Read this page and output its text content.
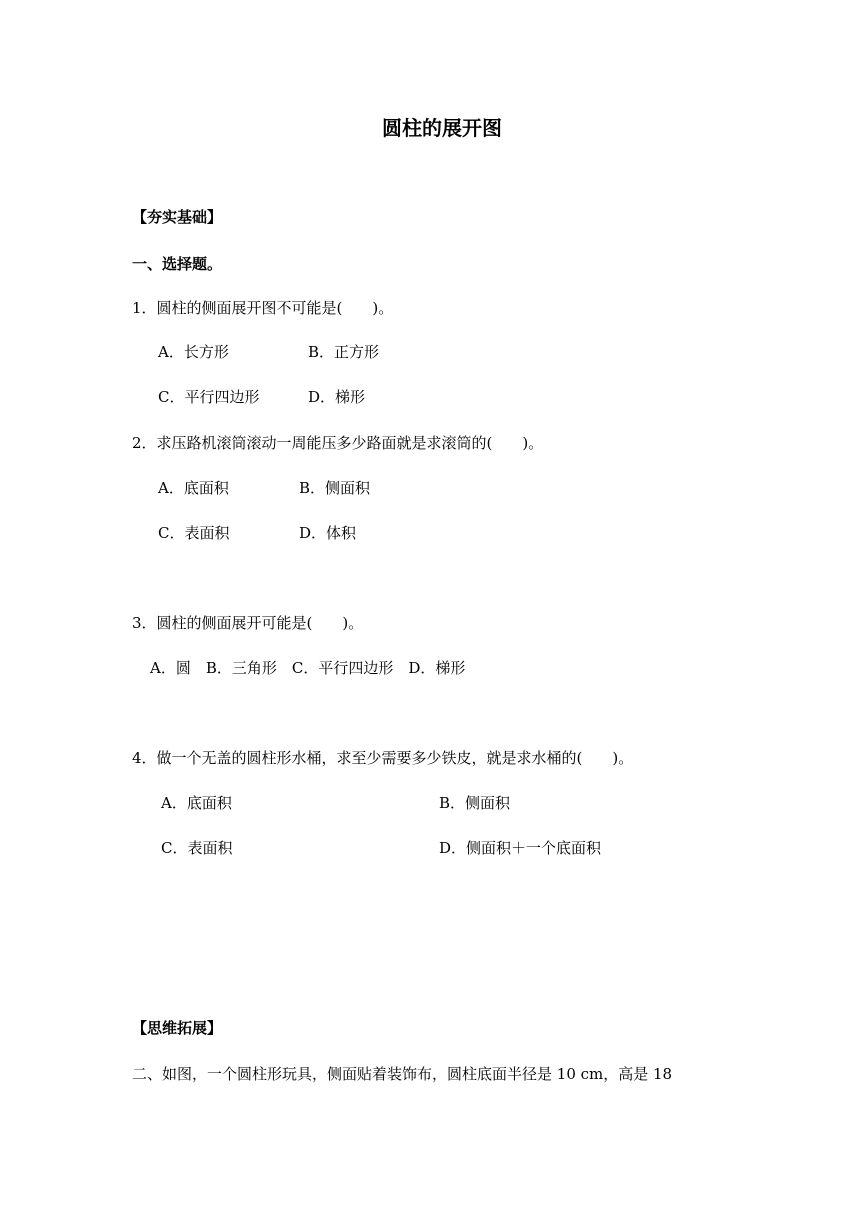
圆柱的展开图
【夯实基础】
一、选择题。
1．圆柱的侧面展开图不可能是(　　)。
A．长方形	B．正方形
C．平行四边形	D．梯形
2．求压路机滚筒滚动一周能压多少路面就是求滚筒的(　　)。
A．底面积	B．侧面积
C．表面积	D．体积
3．圆柱的侧面展开可能是(　　)。
A．圆　B．三角形　C．平行四边形　D．梯形
4．做一个无盖的圆柱形水桶，求至少需要多少铁皮，就是求水桶的(　　)。
A．底面积	B．侧面积
C．表面积	D．侧面积＋一个底面积
【思维拓展】
二、如图，一个圆柱形玩具，侧面贴着装饰布，圆柱底面半径是 10 cm，高是 18
